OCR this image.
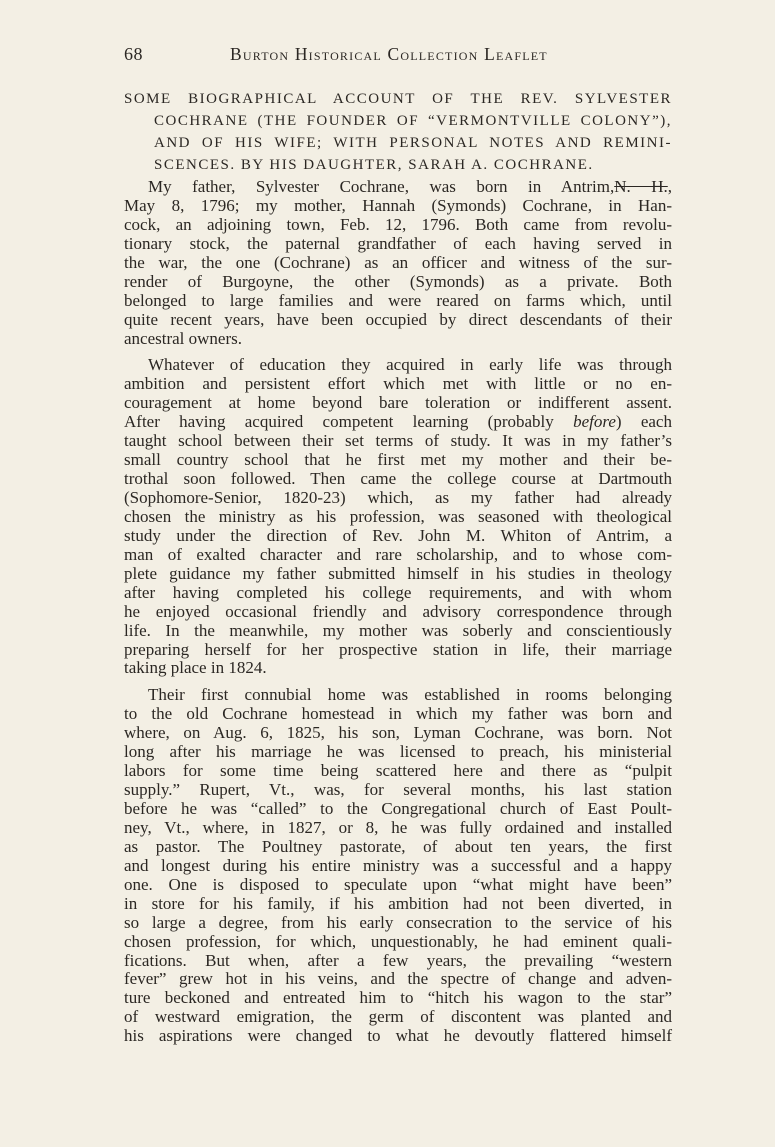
68	Burton Historical Collection Leaflet
SOME BIOGRAPHICAL ACCOUNT OF THE REV. SYLVESTER
COCHRANE (THE FOUNDER OF “VERMONTVILLE COLONY”),
AND OF HIS WIFE; WITH PERSONAL NOTES AND REMINI-
SCENCES. BY HIS DAUGHTER, SARAH A. COCHRANE.
My father, Sylvester Cochrane, was born in Antrim,N. H.,
May 8, 1796; my mother, Hannah (Symonds) Cochrane, in Han-
cock, an adjoining town, Feb. 12, 1796. Both came from revolu-
tionary stock, the paternal grandfather of each having served in
the war, the one (Cochrane) as an officer and witness of the sur-
render of Burgoyne, the other (Symonds) as a private. Both
belonged to large families and were reared on farms which, until
quite recent years, have been occupied by direct descendants of their
ancestral owners.
Whatever of education they acquired in early life was through
ambition and persistent effort which met with little or no en-
couragement at home beyond bare toleration or indifferent assent.
After having acquired competent learning (probably before) each
taught school between their set terms of study. It was in my father’s
small country school that he first met my mother and their be-
trothal soon followed. Then came the college course at Dartmouth
(Sophomore-Senior, 1820-23) which, as my father had already
chosen the ministry as his profession, was seasoned with theological
study under the direction of Rev. John M. Whiton of Antrim, a
man of exalted character and rare scholarship, and to whose com-
plete guidance my father submitted himself in his studies in theology
after having completed his college requirements, and with whom
he enjoyed occasional friendly and advisory correspondence through
life. In the meanwhile, my mother was soberly and conscientiously
preparing herself for her prospective station in life, their marriage
taking place in 1824.
Their first connubial home was established in rooms belonging
to the old Cochrane homestead in which my father was born and
where, on Aug. 6, 1825, his son, Lyman Cochrane, was born. Not
long after his marriage he was licensed to preach, his ministerial
labors for some time being scattered here and there as “pulpit
supply.” Rupert, Vt., was, for several months, his last station
before he was “called” to the Congregational church of East Poult-
ney, Vt., where, in 1827, or 8, he was fully ordained and installed
as pastor. The Poultney pastorate, of about ten years, the first
and longest during his entire ministry was a successful and a happy
one. One is disposed to speculate upon “what might have been”
in store for his family, if his ambition had not been diverted, in
so large a degree, from his early consecration to the service of his
chosen profession, for which, unquestionably, he had eminent quali-
fications. But when, after a few years, the prevailing “western
fever” grew hot in his veins, and the spectre of change and adven-
ture beckoned and entreated him to “hitch his wagon to the star”
of westward emigration, the germ of discontent was planted and
his aspirations were changed to what he devoutly flattered himself
